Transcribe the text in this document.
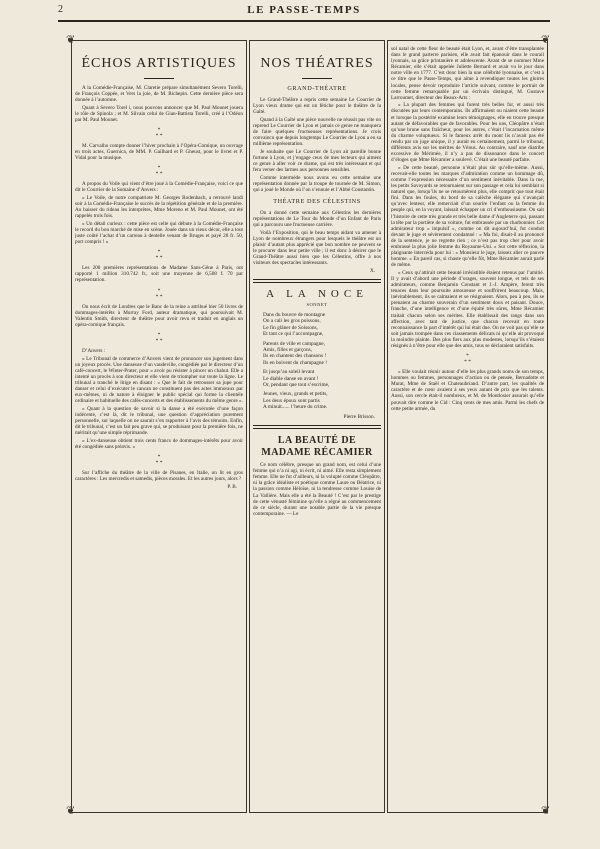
2	LE PASSE-TEMPS
❦
❦
❦
❦
ÉCHOS ARTISTIQUES

A la Comédie-Française, M. Claretie prépare simultanément Severo Torelli, de François Coppée, et Vers la joie, de M. Richepin. Cette dernière pièce sera donnée à l’automne.

Quant à Severo Torel i, nous pouvons annoncer que M. Paul Mounet jouera le rôle de Spinola ; et M. Silvain celui de Gian-Battista Torelli, créé à l’Odéon par M. Paul Mounet.

*
* *

M. Carvalho compte donner l’hiver prochain à l’Opéra-Comique, un ouvrage en trois actes, Guernica, de MM. P. Gailhard et P. Gheust, pour le livret et P. Vidal pour la musique.

*
* *

A propos du Voile qui vient d’être joué à la Comédie-Française, voici ce que dit le Courrier de la Somaine d’Anvers :

« Le Voile, de notre compatriote M. Georges Rodenbach, a retrouvé landi soir à la Comédie-Française le succès de la répétition générale et de la première. Au baisser du rideau les interprètes, Mme Moreno et M. Paul Mounet, ont été rappelés trois fois.

« Un détail curieux : cette pièce est celle qui débute à la Comédie-Française le record du bon marché de mise en scène. Jouée dans un vieux décor, elle a tout juste coûté l’achat d’un carreau à dentelle venant de Bruges et payé 28 fr. 50, port compris ! »

*
* *

Les 200 premières représentations de Madame Sans-Gêne à Paris, ont rapporté 1 million 310.742 fr., soit une moyenne de 6,508 f. 70 par représentation.

*
* *

On nous écrit de Londres que le Banc de la reine a attribué hier 50 livres de dommages-intérêts à Murray Ford, auteur dramatique, qui poursuivait M. Valentin Smith, directeur de théâtre pour avoir revu et traduit en anglais un opéra-comique français.

*
* *

D’Anvers :

« Le Tribunal de commerce d’Anvers vient de prononcer son jugement dans un joyeux procès. Une danseuse d’un vaudeville, congédiée par le directeur d’un café-concert, le Winter-Prater, pour « avoir pu résister à pincer un chahut. Elle a intenté un procès à son directeur et elle vient de triompher sur toute la ligne. Le tribunal a tranché le litige en disant : « Que le fait de retrousser sa jupe pour danser et celui d’exécuter le cancan ne constituent pas des actes immoraux par eux-mêmes, ni de nature à éloigner le public spécial qui forme la clientèle ordinaire et habituelle des cafés-concerts et des établissements du même genre ».

« Quant à la question de savoir si la danse a été exécutée d’une façon indécente, c’est là, dit le tribunal, une question d’appréciation purement personnelle, sur laquelle on ne saurait s’en rapporter à l’avis des témoins. Enfin, dit le tribunal, c’est un fait peu grave qui, se produisant pour la première fois, ne méritait qu’une simple réprimande.

« L’ex-danseuse obtient trois cents francs de dommages-intérêts pour avoir été congédiée sans préavis. »

*
* *

Sur l’affiche du théâtre de la ville de Pisanes, en Italie, on lit en gros caractères : Les mercredis et samedis, pièces morales. Et les autres jours, alors ?

P. B.
NOS THÉATRES
GRAND-THÉATRE

Le Grand-Théâtre a repris cette semaine Le Courrier de Lyon vieux drame qui est un fétiche pour le théâtre de la Gaîté.

Quand à la Gaîté une pièce nouvelle ne réussit pas vite on reprend Le Courrier de Lyon et jamais ce genre ne manquera de faire quelques fructueuses représentations. Je crois convaincu que depuis longtemps Le Courrier de Lyon a eu sa millième représentation.

Je souhaite que Le Courrier de Lyon ait pareille bonne fortune à Lyon, et j’engage ceux de mes lecteurs qui aiment ce genre à aller voir ce drame, qui est très intéressant et qui fera verser des larmes aux personnes sensibles.

Comme intermède nous avons eu cette semaine une représentation donnée par la troupe de tournée de M. Simon, qui a joué le Monde où l’on s’ennuie et l’Abbé Constantin.

THÉATRE DES CÉLESTINS

On a donné cette semaine aux Célestins les dernières représentations de Le Tour du Monde d’un Enfant de Paris qui a parcouru une fructueuse carrière.

Voilà l’Exposition, qui le beau temps aidant va amener à Lyon de nombreux étrangers pour lesquels le théâtre est un plaisir d’autant plus apprécié que bon nombre ne peuvent se le procurer dans leur petite ville ; il est donc à désirer que le Grand-Théâtre aussi bien que les Célestins, offre à nos visiteurs des spectacles intéressants.

X.
A LA NOCE
SONNET
Dans du bouvre de montagne
On a cali les gros poissons,
Le fin glâner de Soissons,
Et tant ce qui l’accompagne,
Parents de ville et campagne,
Amis, filles et garçons,
Ils en chantent des chansons !
Ils en boivent du champagne !
Et jusqu’au soleil levant
Le diable danse en avant !
Or, pendant que tout s’escrime,
Jeunes, vieux, grands et petits,
Les deux époux sont partis
A minuit...... l’heure du crime.
Pierre Brisson.
LA BEAUTÉ DE MADAME RÉCAMIER

Ce nom célèbre, presque un grand nom, est celui d’une femme qui n’a ni agi, ni écrit, ni aimé. Elle resta simplement femme. Elle ne fut d’ailleurs, ni la volupté comme Cléopâtre, ni la grâce idéaliste et poétique comme Laure ou Béatrice, ni la passion comme Héloïse, ni la tendresse comme Louise de La Vallière. Mais elle a été la Beauté ! C’est par le prestige de cette vénusté féminine qu’elle a régné au commencement de ce siècle, durant une notable partie de la vie presque contemporaine. — Le

sol natal de cette fleur de beauté était Lyon, et, avant d’être transplantée dans le grand parterre parisien, elle avait fait épanouir dans le courail lyonnais, sa grâce printanière et adolescente. Avant de se nommer Mme Récamier, elle s’était appelée Juliette Bernard et avait vu le jour dans notre ville en 1777. C’est donc bien la une célébrité lyonnaise, et c’est à ce titre que le Passe-Temps, qui aime à revendiquer toutes les gloires locales, pense devoir reproduire l’article suivant, comme le portrait de cette femme remarquable par un écrivain distingué, M. Gustave Larroumet, directeur des Beaux-Arts :

« La plupart des femmes qui furent très belles fur, et aussi très discutées par leurs contemporains. Ils affirmaient ou niaient cette beauté et lorsque la postérité examine leurs témoignages, elle en trouve presque autant de défavorables que de favorables. Pour les uns, Cléopâtre n’était qu’une brune sans fraîcheur, pour les autres, c’était l’incarnation même du charme voluptueux. Si le fameux arrêt du mont lis n’avait pas été rendu par un juge unique, il y aurait eu certainement, parmi le tribunal, différents avis sur les mérites de Vénus. Au contraire, sauf une diatribe excessive de Mérimée, il n’y a pas de dissonance dans le concert d’éloges que Mme Récamier a soulevé. C’était une beauté parfaite.

« De cette beauté, personne n’était plus sûr qu’elle-même. Aussi, recevait-elle toutes les marques d’admiration comme un hommage dû, comme l’expression nécessaire d’un sentiment inévitable. Dans la rue, les petits Savoyards se retournaient sur son passage et cela lui semblait si naturel que, lorsqu’ils ne se retournèrent plus, elle comprit que tout était fini. Dans les foules, du bord de sa calèche élégante qui s’avançait qu’avec lenteur, elle remerciait d’un sourire l’enfant ou la femme du peuple qui, en la voyant, laissait échapper un cri d’enthousiasme. On sait l’histoire de cette très grande et très belle dame d’Angleterre qui, passant la tête par la portière de sa voiture, fut embrassée par un charbonnier. Cet admirateur trop « impulsif », comme on dit aujourd’hui, fut conduit devant le juge et sévèrement condamné : « Ma foi, disait-il au prononcé de la sentence, je ne regrette rien ; ce n’est pas trop cher pour avoir embrassé la plus jolie femme du Royaume-Uni. » Sur cette réflexion, la plaignante intercéda pour lui : « Monsieur le juge, laissez aller ce pauvre homme. » En pareil cas, si chaste qu’elle fût, Mme Récamier aurait parlé de même.

« Ceux qu’attirait cette beauté irrésistible étaient retenus par l’amitié. Il y avait d’abord une période d’orages, souvent longue, et tels de ses admirateurs, comme Benjamin Constant et J.-J. Ampère, ferent très tenaces dans leur poursuite amoureuse et souffrirent beaucoup. Mais, inévitablement, ils se calmaient et se résignaient. Alors, peu à peu, ils se prenaient au charme souverain d’un sentiment doux et paisant. Douce, franche, d’une intelligence et d’une équité très sûres, Mme Récamier traitait chacun selon ses mérites. Elle établissait des rangs dans son affection, avec tant de justice, que chacun recevait en toute reconnaissance la part d’intérêt qui lui était due. On ne voit pas qu’elle se soit jamais trompée dans ces classements délicats ni qu’elle ait provoqué la moindre plainte. Des plus fiers aux plus modestes, lorsqu’ils s’étaient résignés à n’être pour elle que des amis, tous se déclaraient satisfaits.

*
* *

« Elle voulait réunir autour d’elle les plus grands noms de son temps, hommes ou femmes, personnages d’action ou de pensée, Bernadotte et Murat, Mme de Staël et Chateaubriand. D’autre part, les qualités de caractère et de cœur avaient à ses yeux autant de prix que les talents. Aussi, son cercle était-il nombreux, et M. de Montlosier assurait qu’elle pouvait dire comme le Cid : Cinq cents de mes amis. Parmi les chefs de cette petite armée, du
